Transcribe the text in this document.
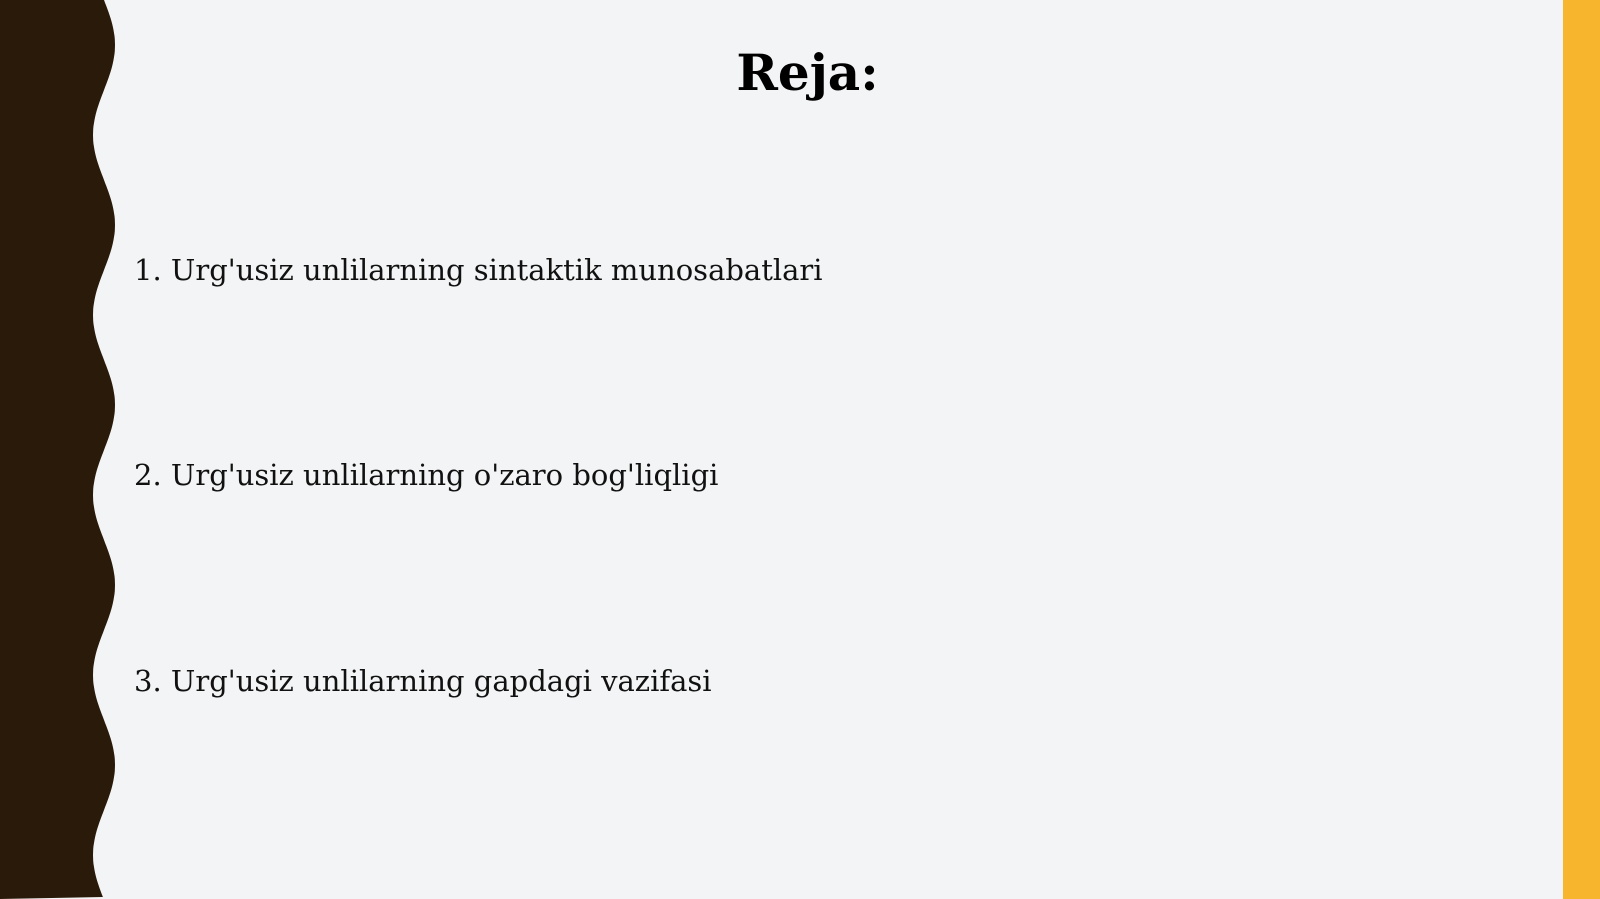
Reja:
1. Urg'usiz unlilarning sintaktik munosabatlari
2. Urg'usiz unlilarning o'zaro bog'liqligi
3. Urg'usiz unlilarning gapdagi vazifasi
